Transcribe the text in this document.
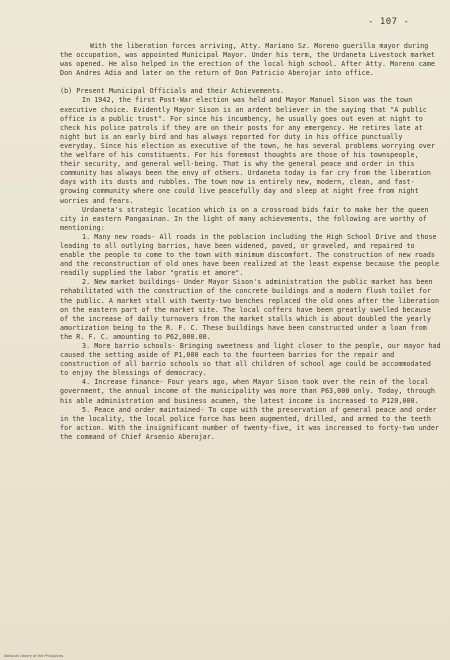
- 107 -

With the liberation forces arriving, Atty. Mariano Sz. Moreno guerilla mayor during the occupation, was appointed Municipal Mayor. Under his term, the Urdaneta Livestock market was opened. He also helped in the erection of the local high school. After Atty. Moreno came Don Andres Adia and later on the return of Don Patricio Aberojar into office.

(b) Present Municipal Officials and their Achievements.

In 1942, the first Post-War election was held and Mayor Manuel Sison was the town executive choice. Evidently Mayor Sison is an ardent believer in the saying that "A public office is a public trust". For since his incumbency, he usually goes out even at night to check his police patrols if they are on their posts for any emergency. He retires late at night but is an early bird and has always reported for duty in his office punctually everyday. Since his election as executive of the town, he has several problems worrying over the welfare of his constituents. For his foremost thoughts are those of his townspeople, their security, and general well-being. That is why the general peace and order in this community has always been the envy of others. Urdaneta today is far cry from the liberation days with its dusts and rubbles. The town now is entirely new, modern, clean, and fast-growing community where one could live peacefully day and sleep at night free from night worries and fears.

Urdaneta's strategic location which is on a crossroad bids fair to make her the queen city in eastern Pangasinan. In the light of many achievements, the following are worthy of mentioning:

1. Many new roads- All roads in the poblacion including the High School Drive and those leading to all outlying barrios, have been widened, paved, or graveled, and repaired to enable the people to come to the town with minimum discomfort. The construction of new roads and the reconstruction of old ones have been realized at the least expense because the people readily supplied the labor "gratis et amore".

2. New market buildings- Under Mayor Sison's administration the public market has been rehabilitated with the construction of the concrete buildings and a modern flush toilet for the public. A market stall with twenty-two benches replaced the old ones after the liberation on the eastern part of the market site. The local coffers have been greatly swelled because of the increase of daily turnovers from the market stalls which is about doubled the yearly amortization being to the R. F. C. These buildings have been constructed under a loan from the R. F. C. amounting to P62,000.00.

3. More barrio schools- Bringing sweetness and light closer to the people, our mayor had caused the setting aside of P1,000 each to the fourteen barrios for the repair and construction of all barrio schools so that all children of school age could be accommodated to enjoy the blessings of democracy.

4. Increase finance- Four years ago, when Mayor Sison took over the rein of the local government, the annual income of the municipality was more than P63,000 only. Today, through his able administration and business acumen, the latest income is increased to P120,000.

5. Peace and order maintained- To cope with the preservation of general peace and order in the locality, the local police force has been augmented, drilled, and armed to the teeth for action. With the insignificant number of twenty-five, it was increased to forty-two under the command of Chief Arsenio Aberojar.

National Library of the Philippines
